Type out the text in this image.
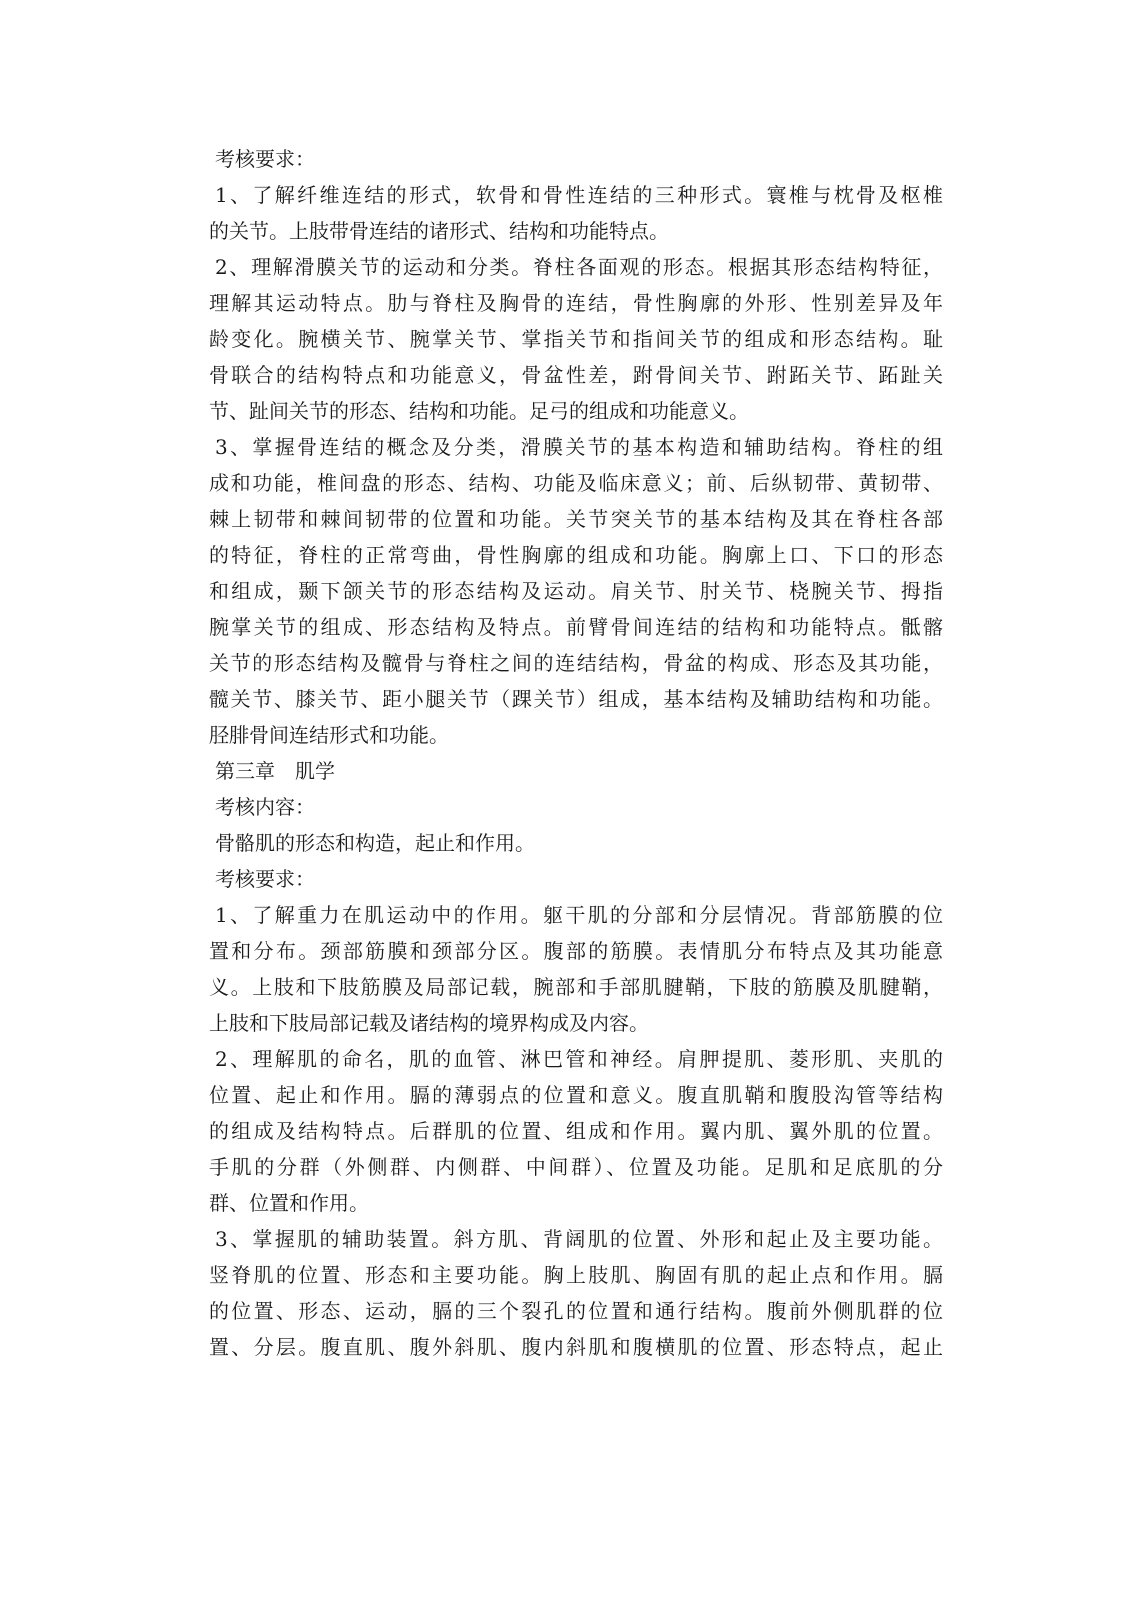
考核要求：
1、了解纤维连结的形式，软骨和骨性连结的三种形式。寰椎与枕骨及枢椎
的关节。上肢带骨连结的诸形式、结构和功能特点。
2、理解滑膜关节的运动和分类。脊柱各面观的形态。根据其形态结构特征，
理解其运动特点。肋与脊柱及胸骨的连结，骨性胸廓的外形、性别差异及年
龄变化。腕横关节、腕掌关节、掌指关节和指间关节的组成和形态结构。耻
骨联合的结构特点和功能意义，骨盆性差，跗骨间关节、跗跖关节、跖趾关
节、趾间关节的形态、结构和功能。足弓的组成和功能意义。
3、掌握骨连结的概念及分类，滑膜关节的基本构造和辅助结构。脊柱的组
成和功能，椎间盘的形态、结构、功能及临床意义；前、后纵韧带、黄韧带、
棘上韧带和棘间韧带的位置和功能。关节突关节的基本结构及其在脊柱各部
的特征，脊柱的正常弯曲，骨性胸廓的组成和功能。胸廓上口、下口的形态
和组成，颞下颌关节的形态结构及运动。肩关节、肘关节、桡腕关节、拇指
腕掌关节的组成、形态结构及特点。前臂骨间连结的结构和功能特点。骶髂
关节的形态结构及髋骨与脊柱之间的连结结构，骨盆的构成、形态及其功能，
髋关节、膝关节、距小腿关节（踝关节）组成，基本结构及辅助结构和功能。
胫腓骨间连结形式和功能。
第三章　肌学
考核内容：
骨骼肌的形态和构造，起止和作用。
考核要求：
1、了解重力在肌运动中的作用。躯干肌的分部和分层情况。背部筋膜的位
置和分布。颈部筋膜和颈部分区。腹部的筋膜。表情肌分布特点及其功能意
义。上肢和下肢筋膜及局部记载，腕部和手部肌腱鞘，下肢的筋膜及肌腱鞘，
上肢和下肢局部记载及诸结构的境界构成及内容。
2、理解肌的命名，肌的血管、淋巴管和神经。肩胛提肌、菱形肌、夹肌的
位置、起止和作用。膈的薄弱点的位置和意义。腹直肌鞘和腹股沟管等结构
的组成及结构特点。后群肌的位置、组成和作用。翼内肌、翼外肌的位置。
手肌的分群（外侧群、内侧群、中间群）、位置及功能。足肌和足底肌的分
群、位置和作用。
3、掌握肌的辅助装置。斜方肌、背阔肌的位置、外形和起止及主要功能。
竖脊肌的位置、形态和主要功能。胸上肢肌、胸固有肌的起止点和作用。膈
的位置、形态、运动，膈的三个裂孔的位置和通行结构。腹前外侧肌群的位
置、分层。腹直肌、腹外斜肌、腹内斜肌和腹横肌的位置、形态特点，起止
